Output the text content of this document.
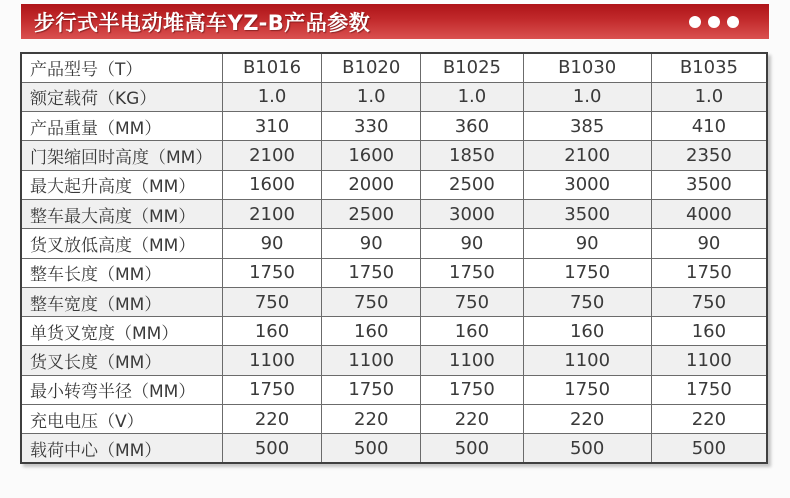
步行式半电动堆高车YZ-B产品参数
产品型号（T）	B1016	B1020	B1025	B1030	B1035
额定载荷（KG）	1.0	1.0	1.0	1.0	1.0
产品重量（MM）	310	330	360	385	410
门架缩回时高度（MM）	2100	1600	1850	2100	2350
最大起升高度（MM）	1600	2000	2500	3000	3500
整车最大高度（MM）	2100	2500	3000	3500	4000
货叉放低高度（MM）	90	90	90	90	90
整车长度（MM）	1750	1750	1750	1750	1750
整车宽度（MM）	750	750	750	750	750
单货叉宽度（MM）	160	160	160	160	160
货叉长度（MM）	1100	1100	1100	1100	1100
最小转弯半径（MM）	1750	1750	1750	1750	1750
充电电压（V）	220	220	220	220	220
载荷中心（MM）	500	500	500	500	500
